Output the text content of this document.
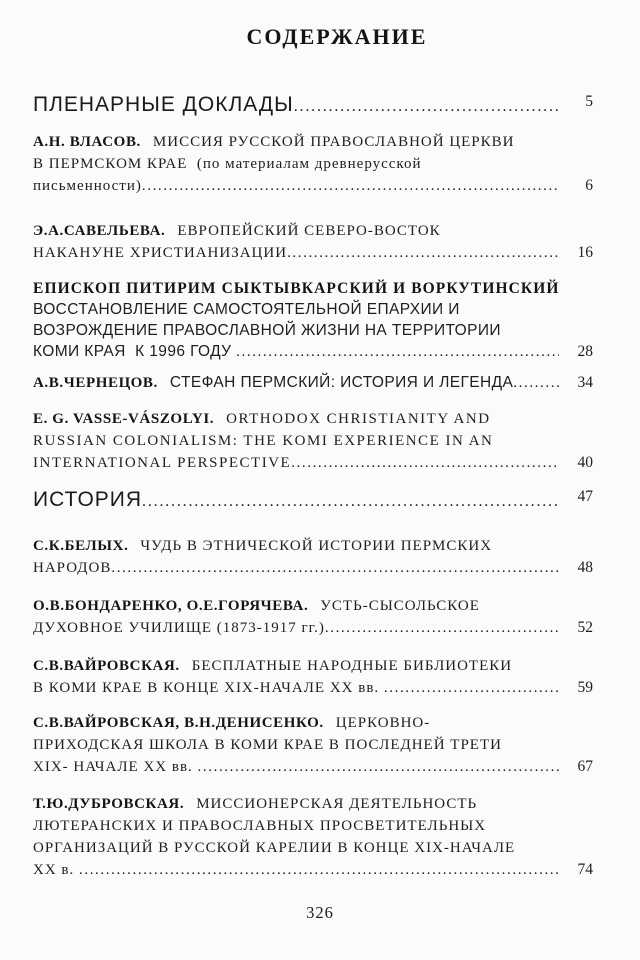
СОДЕРЖАНИЕ
ПЛЕНАРНЫЕ ДОКЛАДЫ .....	5
А.Н. ВЛАСОВ. МИССИЯ РУССКОЙ ПРАВОСЛАВНОЙ ЦЕРКВИ
В ПЕРМСКОМ КРАЕ  (по материалам древнерусской
письменности) .....	6
Э.А.САВЕЛЬЕВА. ЕВРОПЕЙСКИЙ СЕВЕРО-ВОСТОК
НАКАНУНЕ ХРИСТИАНИЗАЦИИ .....	16
ЕПИСКОП ПИТИРИМ СЫКТЫВКАРСКИЙ И ВОРКУТИНСКИЙ
ВОССТАНОВЛЕНИЕ САМОСТОЯТЕЛЬНОЙ ЕПАРХИИ И
ВОЗРОЖДЕНИЕ ПРАВОСЛАВНОЙ ЖИЗНИ НА ТЕРРИТОРИИ
КОМИ КРАЯ  К 1996 ГОДУ .....	28
А.В.ЧЕРНЕЦОВ. СТЕФАН ПЕРМСКИЙ: ИСТОРИЯ И ЛЕГЕНДА .....	34
E. G. VASSE-VÁSZOLYI. ORTHODOX CHRISTIANITY AND
RUSSIAN COLONIALISM: THE KOMI EXPERIENCE IN AN
INTERNATIONAL PERSPECTIVE .....	40
ИСТОРИЯ .....	47
С.К.БЕЛЫХ. ЧУДЬ В ЭТНИЧЕСКОЙ ИСТОРИИ ПЕРМСКИХ
НАРОДОВ .....	48
О.В.БОНДАРЕНКО, О.Е.ГОРЯЧЕВА. УСТЬ-СЫСОЛЬСКОЕ
ДУХОВНОЕ УЧИЛИЩЕ (1873-1917 гг.) .....	52
С.В.ВАЙРОВСКАЯ. БЕСПЛАТНЫЕ НАРОДНЫЕ БИБЛИОТЕКИ
В КОМИ КРАЕ В КОНЦЕ XIX-НАЧАЛЕ XX вв. .....	59
С.В.ВАЙРОВСКАЯ, В.Н.ДЕНИСЕНКО. ЦЕРКОВНО-
ПРИХОДСКАЯ ШКОЛА В КОМИ КРАЕ В ПОСЛЕДНЕЙ ТРЕТИ
XIX- НАЧАЛЕ XX вв. .....	67
Т.Ю.ДУБРОВСКАЯ. МИССИОНЕРСКАЯ ДЕЯТЕЛЬНОСТЬ
ЛЮТЕРАНСКИХ И ПРАВОСЛАВНЫХ ПРОСВЕТИТЕЛЬНЫХ
ОРГАНИЗАЦИЙ В РУССКОЙ КАРЕЛИИ В КОНЦЕ XIX-НАЧАЛЕ
XX в. .....	74
326
